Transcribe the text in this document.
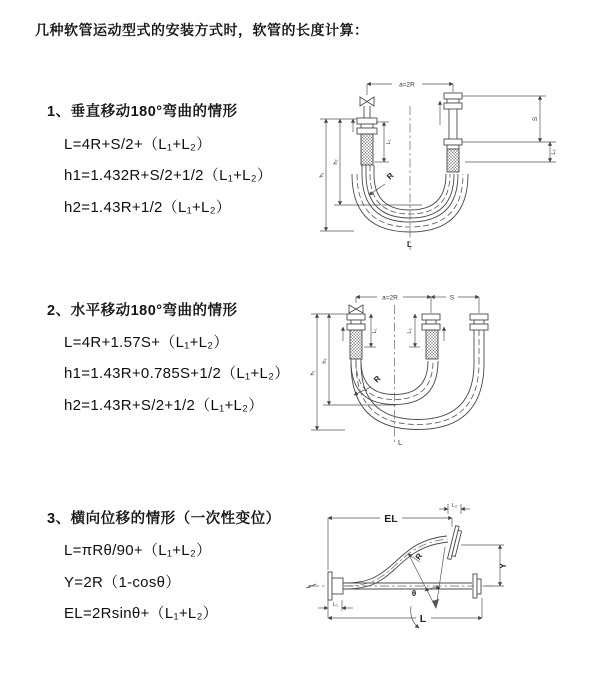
几种软管运动型式的安装方式时，软管的长度计算：
1、垂直移动180°弯曲的情形
L=4R+S/2+（L₁+L₂）
h1=1.432R+S/2+1/2（L₁+L₂）
h2=1.43R+1/2（L₁+L₂）
2、水平移动180°弯曲的情形
L=4R+1.57S+（L₁+L₂）
h1=1.43R+0.785S+1/2（L₁+L₂）
h2=1.43R+S/2+1/2（L₁+L₂）
3、横向位移的情形（一次性变位）
L=πRθ/90+（L₁+L₂）
Y=2R（1-cosθ）
EL=2Rsinθ+（L₁+L₂）
a=2R
L₁
S
L₂
h₁
h₂
R
L
a=2R	S
L₁	L₂
h₁
h₂
R
L
EL
L₂
Y
z
R
θ
L₁
L
